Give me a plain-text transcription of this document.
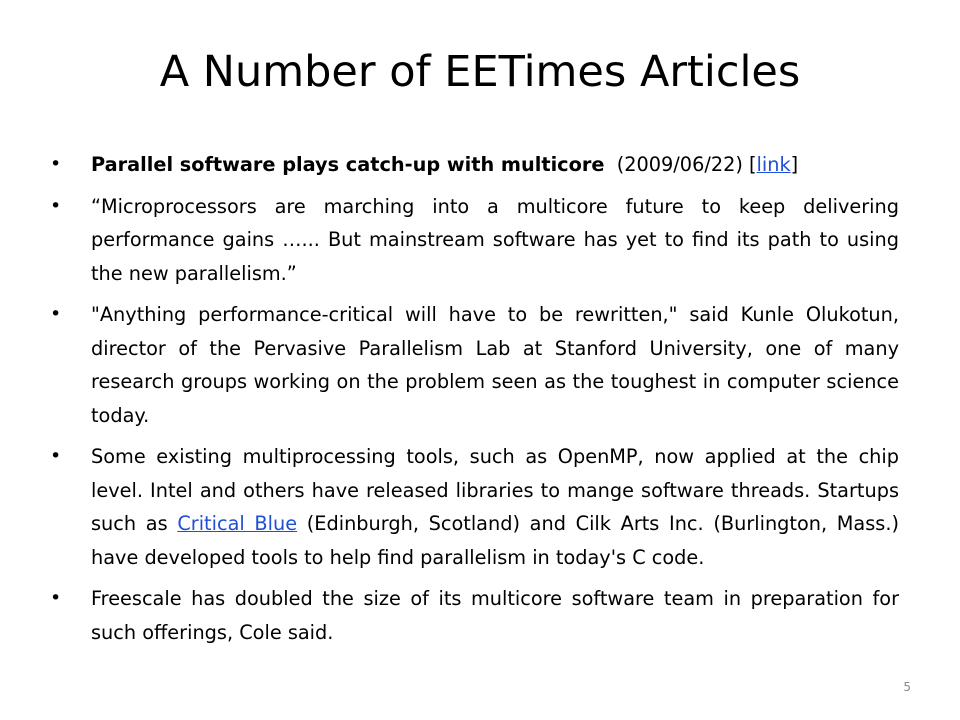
A Number of EETimes Articles
• Parallel software plays catch-up with multicore  (2009/06/22) [link]
• “Microprocessors are marching into a multicore future to keep delivering performance gains …... But mainstream software has yet to find its path to using the new parallelism.”
• "Anything performance-critical will have to be rewritten," said Kunle Olukotun, director of the Pervasive Parallelism Lab at Stanford University, one of many research groups working on the problem seen as the toughest in computer science today.
• Some existing multiprocessing tools, such as OpenMP, now applied at the chip level. Intel and others have released libraries to mange software threads. Startups such as Critical Blue (Edinburgh, Scotland) and Cilk Arts Inc. (Burlington, Mass.) have developed tools to help find parallelism in today's C code.
• Freescale has doubled the size of its multicore software team in preparation for such offerings, Cole said.
5
